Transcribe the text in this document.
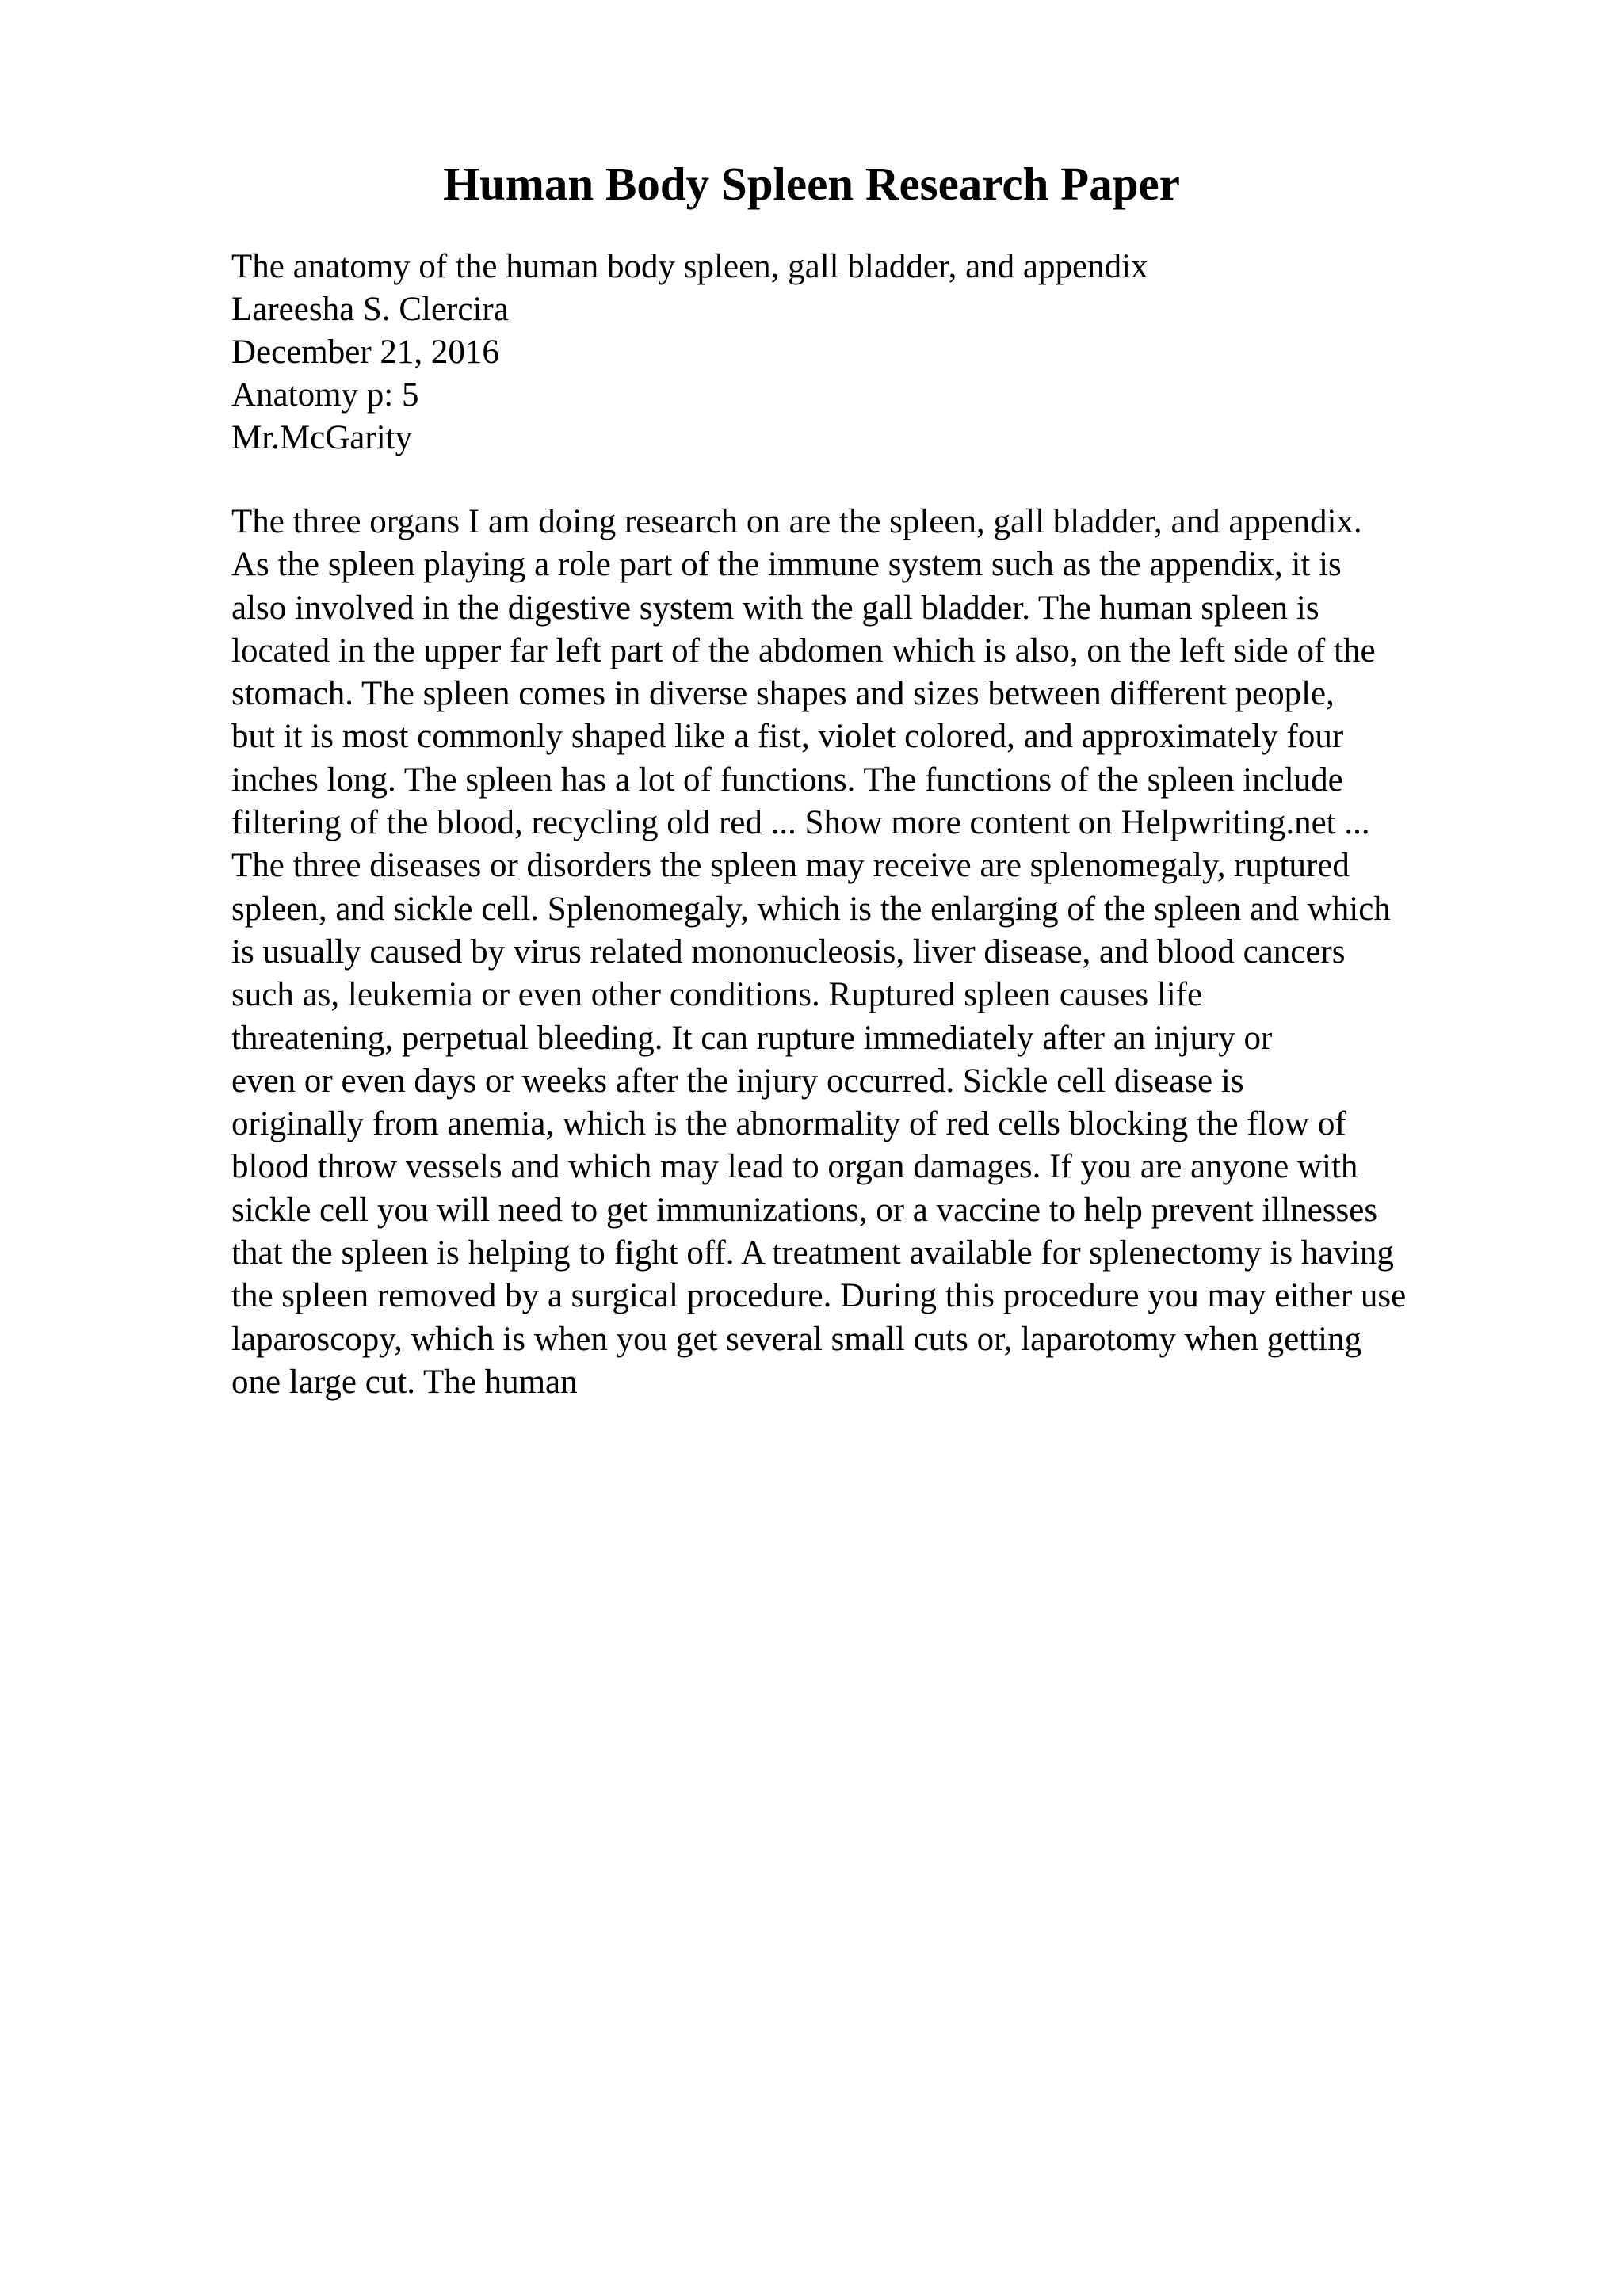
Human Body Spleen Research Paper
The anatomy of the human body spleen, gall bladder, and appendix
Lareesha S. Clercira
December 21, 2016
Anatomy p: 5
Mr.McGarity
The three organs I am doing research on are the spleen, gall bladder, and appendix.
As the spleen playing a role part of the immune system such as the appendix, it is
also involved in the digestive system with the gall bladder. The human spleen is
located in the upper far left part of the abdomen which is also, on the left side of the
stomach. The spleen comes in diverse shapes and sizes between different people,
but it is most commonly shaped like a fist, violet colored, and approximately four
inches long. The spleen has a lot of functions. The functions of the spleen include
filtering of the blood, recycling old red ... Show more content on Helpwriting.net ...
The three diseases or disorders the spleen may receive are splenomegaly, ruptured
spleen, and sickle cell. Splenomegaly, which is the enlarging of the spleen and which
is usually caused by virus related mononucleosis, liver disease, and blood cancers
such as, leukemia or even other conditions. Ruptured spleen causes life
threatening, perpetual bleeding. It can rupture immediately after an injury or
even or even days or weeks after the injury occurred. Sickle cell disease is
originally from anemia, which is the abnormality of red cells blocking the flow of
blood throw vessels and which may lead to organ damages. If you are anyone with
sickle cell you will need to get immunizations, or a vaccine to help prevent illnesses
that the spleen is helping to fight off. A treatment available for splenectomy is having
the spleen removed by a surgical procedure. During this procedure you may either use
laparoscopy, which is when you get several small cuts or, laparotomy when getting
one large cut. The human
